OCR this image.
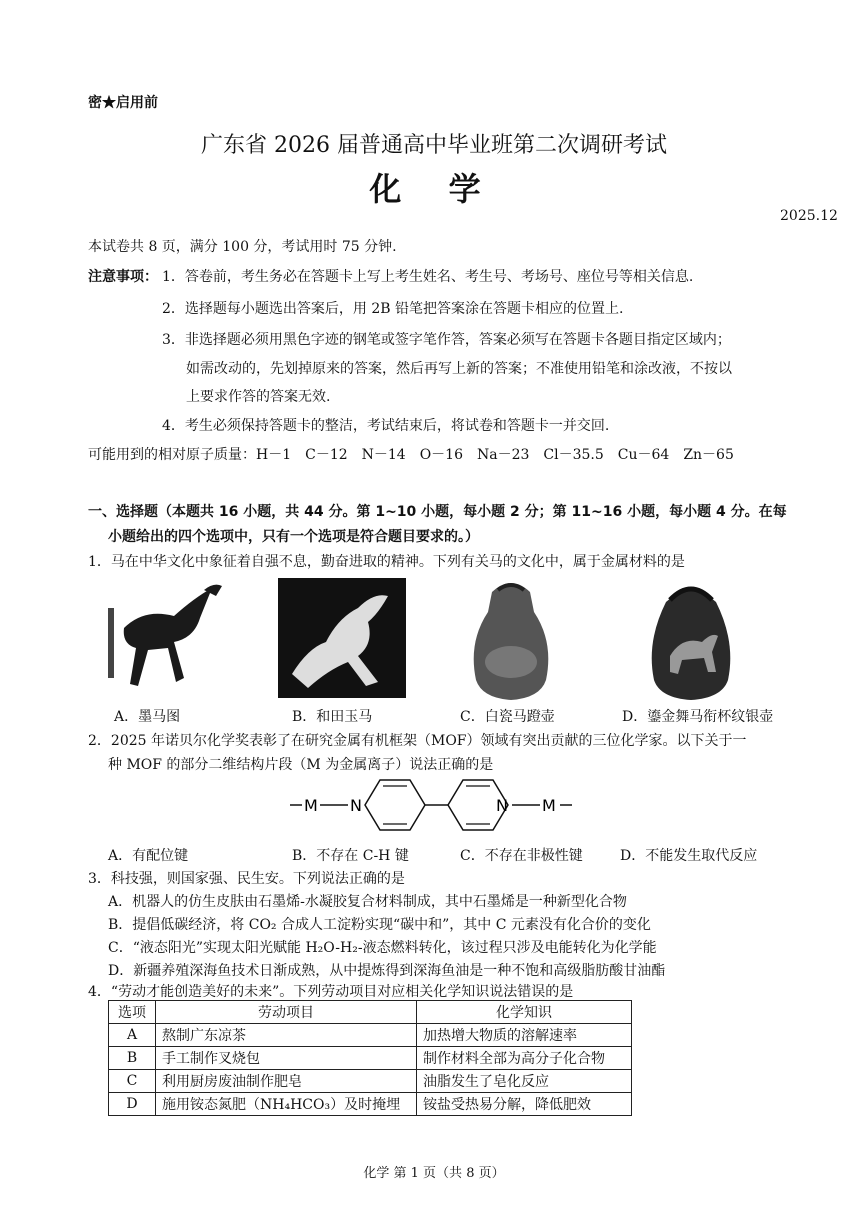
密★启用前
广东省 2026 届普通高中毕业班第二次调研考试
化 学
2025.12
本试卷共 8 页，满分 100 分，考试用时 75 分钟.
注意事项： 1．答卷前，考生务必在答题卡上写上考生姓名、考生号、考场号、座位号等相关信息.
2．选择题每小题选出答案后，用 2B 铅笔把答案涂在答题卡相应的位置上.
3．非选择题必须用黑色字迹的钢笔或签字笔作答，答案必须写在答题卡各题目指定区域内；
如需改动的，先划掉原来的答案，然后再写上新的答案；不准使用铅笔和涂改液，不按以
上要求作答的答案无效.
4．考生必须保持答题卡的整洁，考试结束后，将试卷和答题卡一并交回.
可能用到的相对原子质量：H－1　C－12　N－14　O－16　Na－23　Cl－35.5　Cu－64　Zn－65
一、选择题（本题共 16 小题，共 44 分。第 1~10 小题，每小题 2 分；第 11~16 小题，每小题 4 分。在每
小题给出的四个选项中，只有一个选项是符合题目要求的。）
1．马在中华文化中象征着自强不息，勤奋进取的精神。下列有关马的文化中，属于金属材料的是
A．墨马图	B．和田玉马	C．白瓷马蹬壶	D．鎏金舞马衔杯纹银壶
2．2025 年诺贝尔化学奖表彰了在研究金属有机框架（MOF）领域有突出贡献的三位化学家。以下关于一
种 MOF 的部分二维结构片段（M 为金属离子）说法正确的是
M N	N M
A．有配位键	B．不存在 C-H 键	C．不存在非极性键	D．不能发生取代反应
3．科技强，则国家强、民生安。下列说法正确的是
A．机器人的仿生皮肤由石墨烯-水凝胶复合材料制成，其中石墨烯是一种新型化合物
B．提倡低碳经济，将 CO₂ 合成人工淀粉实现“碳中和”，其中 C 元素没有化合价的变化
C．“液态阳光”实现太阳光赋能 H₂O-H₂-液态燃料转化，该过程只涉及电能转化为化学能
D．新疆养殖深海鱼技术日渐成熟，从中提炼得到深海鱼油是一种不饱和高级脂肪酸甘油酯
4．“劳动才能创造美好的未来”。下列劳动项目对应相关化学知识说法错误的是
选项	劳动项目	化学知识
A	熬制广东凉茶	加热增大物质的溶解速率
B	手工制作叉烧包	制作材料全部为高分子化合物
C	利用厨房废油制作肥皂	油脂发生了皂化反应
D	施用铵态氮肥（NH₄HCO₃）及时掩埋	铵盐受热易分解，降低肥效
化学 第 1 页（共 8 页）
